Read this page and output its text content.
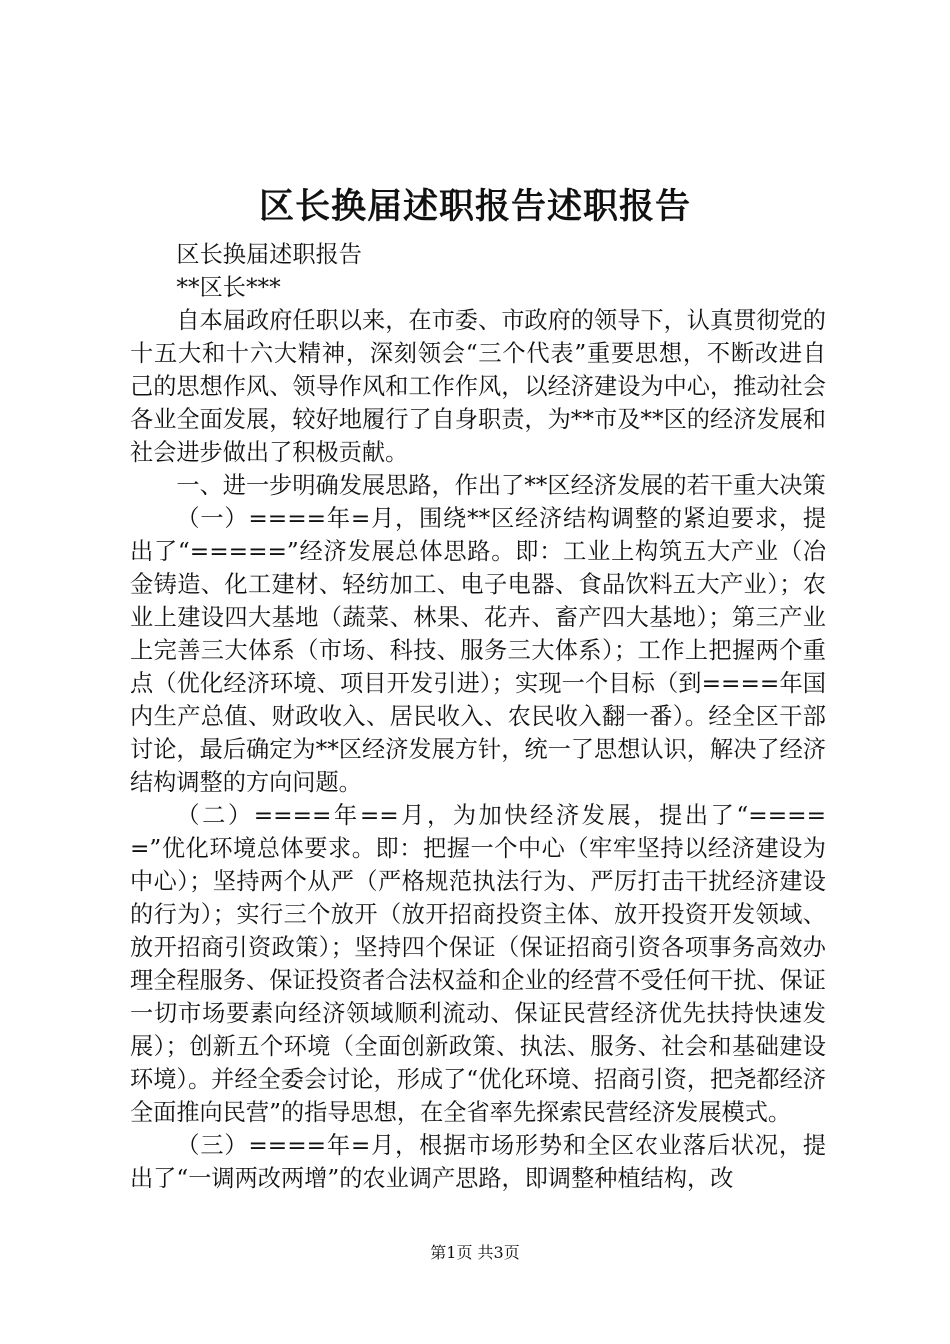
区长换届述职报告述职报告

区长换届述职报告

**区长***

自本届政府任职以来，在市委、市政府的领导下，认真贯彻党的十五大和十六大精神，深刻领会“三个代表”重要思想，不断改进自己的思想作风、领导作风和工作作风，以经济建设为中心，推动社会各业全面发展，较好地履行了自身职责，为**市及**区的经济发展和社会进步做出了积极贡献。

一、进一步明确发展思路，作出了**区经济发展的若干重大决策

（一）====年=月，围绕**区经济结构调整的紧迫要求，提出了“=====”经济发展总体思路。即：工业上构筑五大产业（冶金铸造、化工建材、轻纺加工、电子电器、食品饮料五大产业）；农业上建设四大基地（蔬菜、林果、花卉、畜产四大基地）；第三产业上完善三大体系（市场、科技、服务三大体系）；工作上把握两个重点（优化经济环境、项目开发引进）；实现一个目标（到====年国内生产总值、财政收入、居民收入、农民收入翻一番）。经全区干部讨论，最后确定为**区经济发展方针，统一了思想认识，解决了经济结构调整的方向问题。

（二）====年==月，为加快经济发展，提出了“=====”优化环境总体要求。即：把握一个中心（牢牢坚持以经济建设为中心）；坚持两个从严（严格规范执法行为、严厉打击干扰经济建设的行为）；实行三个放开（放开招商投资主体、放开投资开发领域、放开招商引资政策）；坚持四个保证（保证招商引资各项事务高效办理全程服务、保证投资者合法权益和企业的经营不受任何干扰、保证一切市场要素向经济领域顺利流动、保证民营经济优先扶持快速发展）；创新五个环境（全面创新政策、执法、服务、社会和基础建设环境）。并经全委会讨论，形成了“优化环境、招商引资，把尧都经济全面推向民营”的指导思想，在全省率先探索民营经济发展模式。

（三）====年=月，根据市场形势和全区农业落后状况，提出了“一调两改两增”的农业调产思路，即调整种植结构，改

第1页 共3页
